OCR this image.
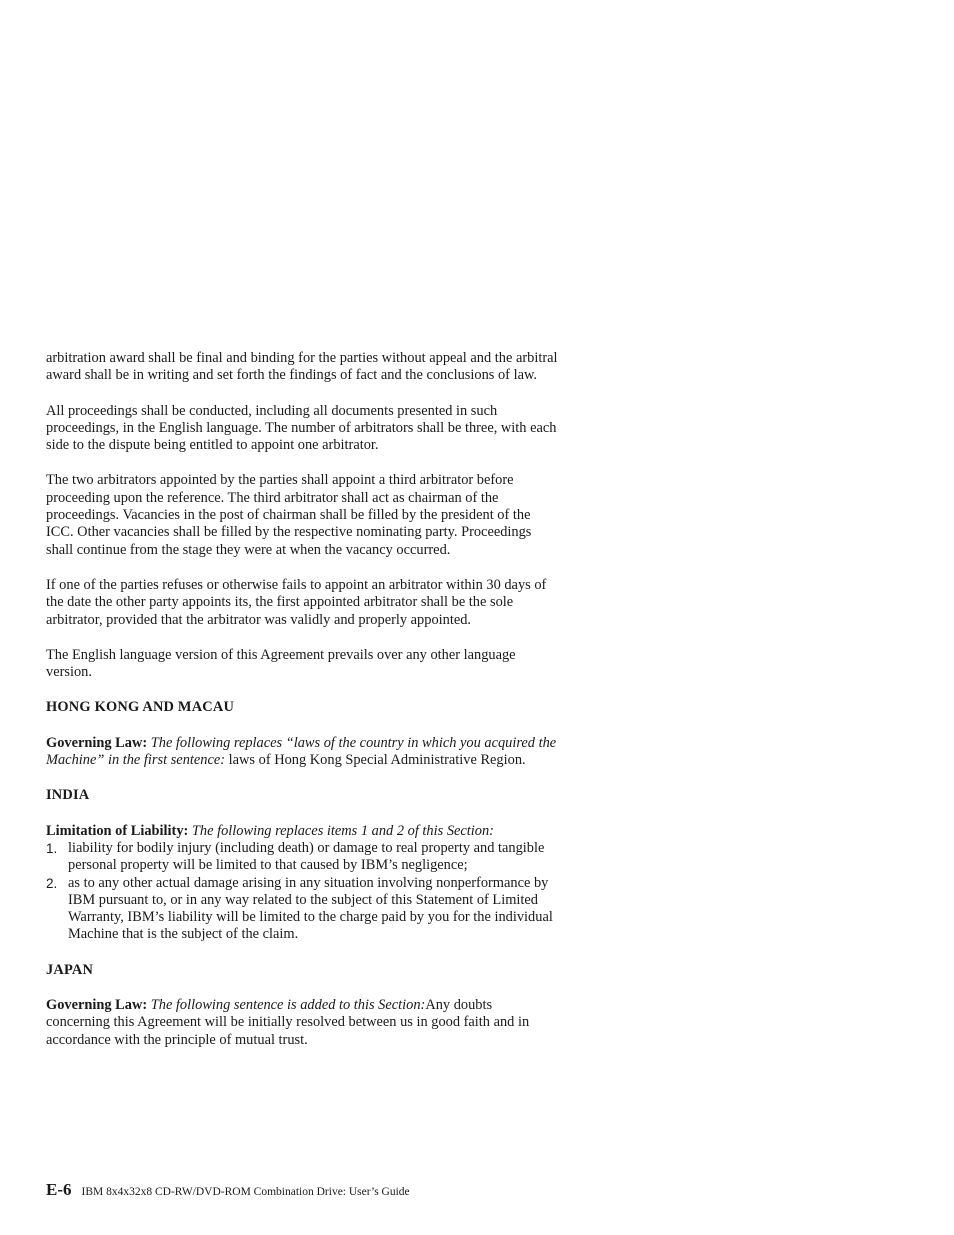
arbitration award shall be final and binding for the parties without appeal and the arbitral award shall be in writing and set forth the findings of fact and the conclusions of law.

All proceedings shall be conducted, including all documents presented in such proceedings, in the English language. The number of arbitrators shall be three, with each side to the dispute being entitled to appoint one arbitrator.

The two arbitrators appointed by the parties shall appoint a third arbitrator before proceeding upon the reference. The third arbitrator shall act as chairman of the proceedings. Vacancies in the post of chairman shall be filled by the president of the ICC. Other vacancies shall be filled by the respective nominating party. Proceedings shall continue from the stage they were at when the vacancy occurred.

If one of the parties refuses or otherwise fails to appoint an arbitrator within 30 days of the date the other party appoints its, the first appointed arbitrator shall be the sole arbitrator, provided that the arbitrator was validly and properly appointed.

The English language version of this Agreement prevails over any other language version.

HONG KONG AND MACAU

Governing Law: The following replaces “laws of the country in which you acquired the Machine” in the first sentence: laws of Hong Kong Special Administrative Region.

INDIA

Limitation of Liability: The following replaces items 1 and 2 of this Section:

1. liability for bodily injury (including death) or damage to real property and tangible personal property will be limited to that caused by IBM’s negligence;
2. as to any other actual damage arising in any situation involving nonperformance by IBM pursuant to, or in any way related to the subject of this Statement of Limited Warranty, IBM’s liability will be limited to the charge paid by you for the individual Machine that is the subject of the claim.
JAPAN

Governing Law: The following sentence is added to this Section:Any doubts concerning this Agreement will be initially resolved between us in good faith and in accordance with the principle of mutual trust.

E-6 IBM 8x4x32x8 CD-RW/DVD-ROM Combination Drive: User’s Guide
